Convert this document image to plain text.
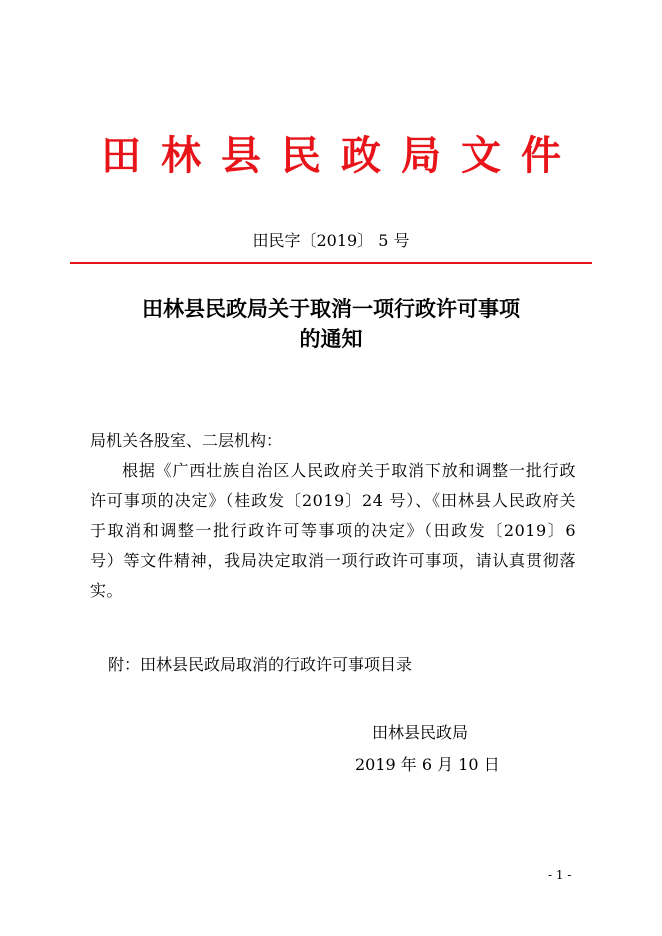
田林县民政局文件
田民字〔2019〕 5 号
田林县民政局关于取消一项行政许可事项
的通知
局机关各股室、二层机构：
根据《广西壮族自治区人民政府关于取消下放和调整一批行政许可事项的决定》（桂政发〔2019〕24 号）、《田林县人民政府关于取消和调整一批行政许可等事项的决定》（田政发〔2019〕6 号）等文件精神，我局决定取消一项行政许可事项，请认真贯彻落实。
附：田林县民政局取消的行政许可事项目录
田林县民政局
2019 年 6 月 10 日
- 1 -
